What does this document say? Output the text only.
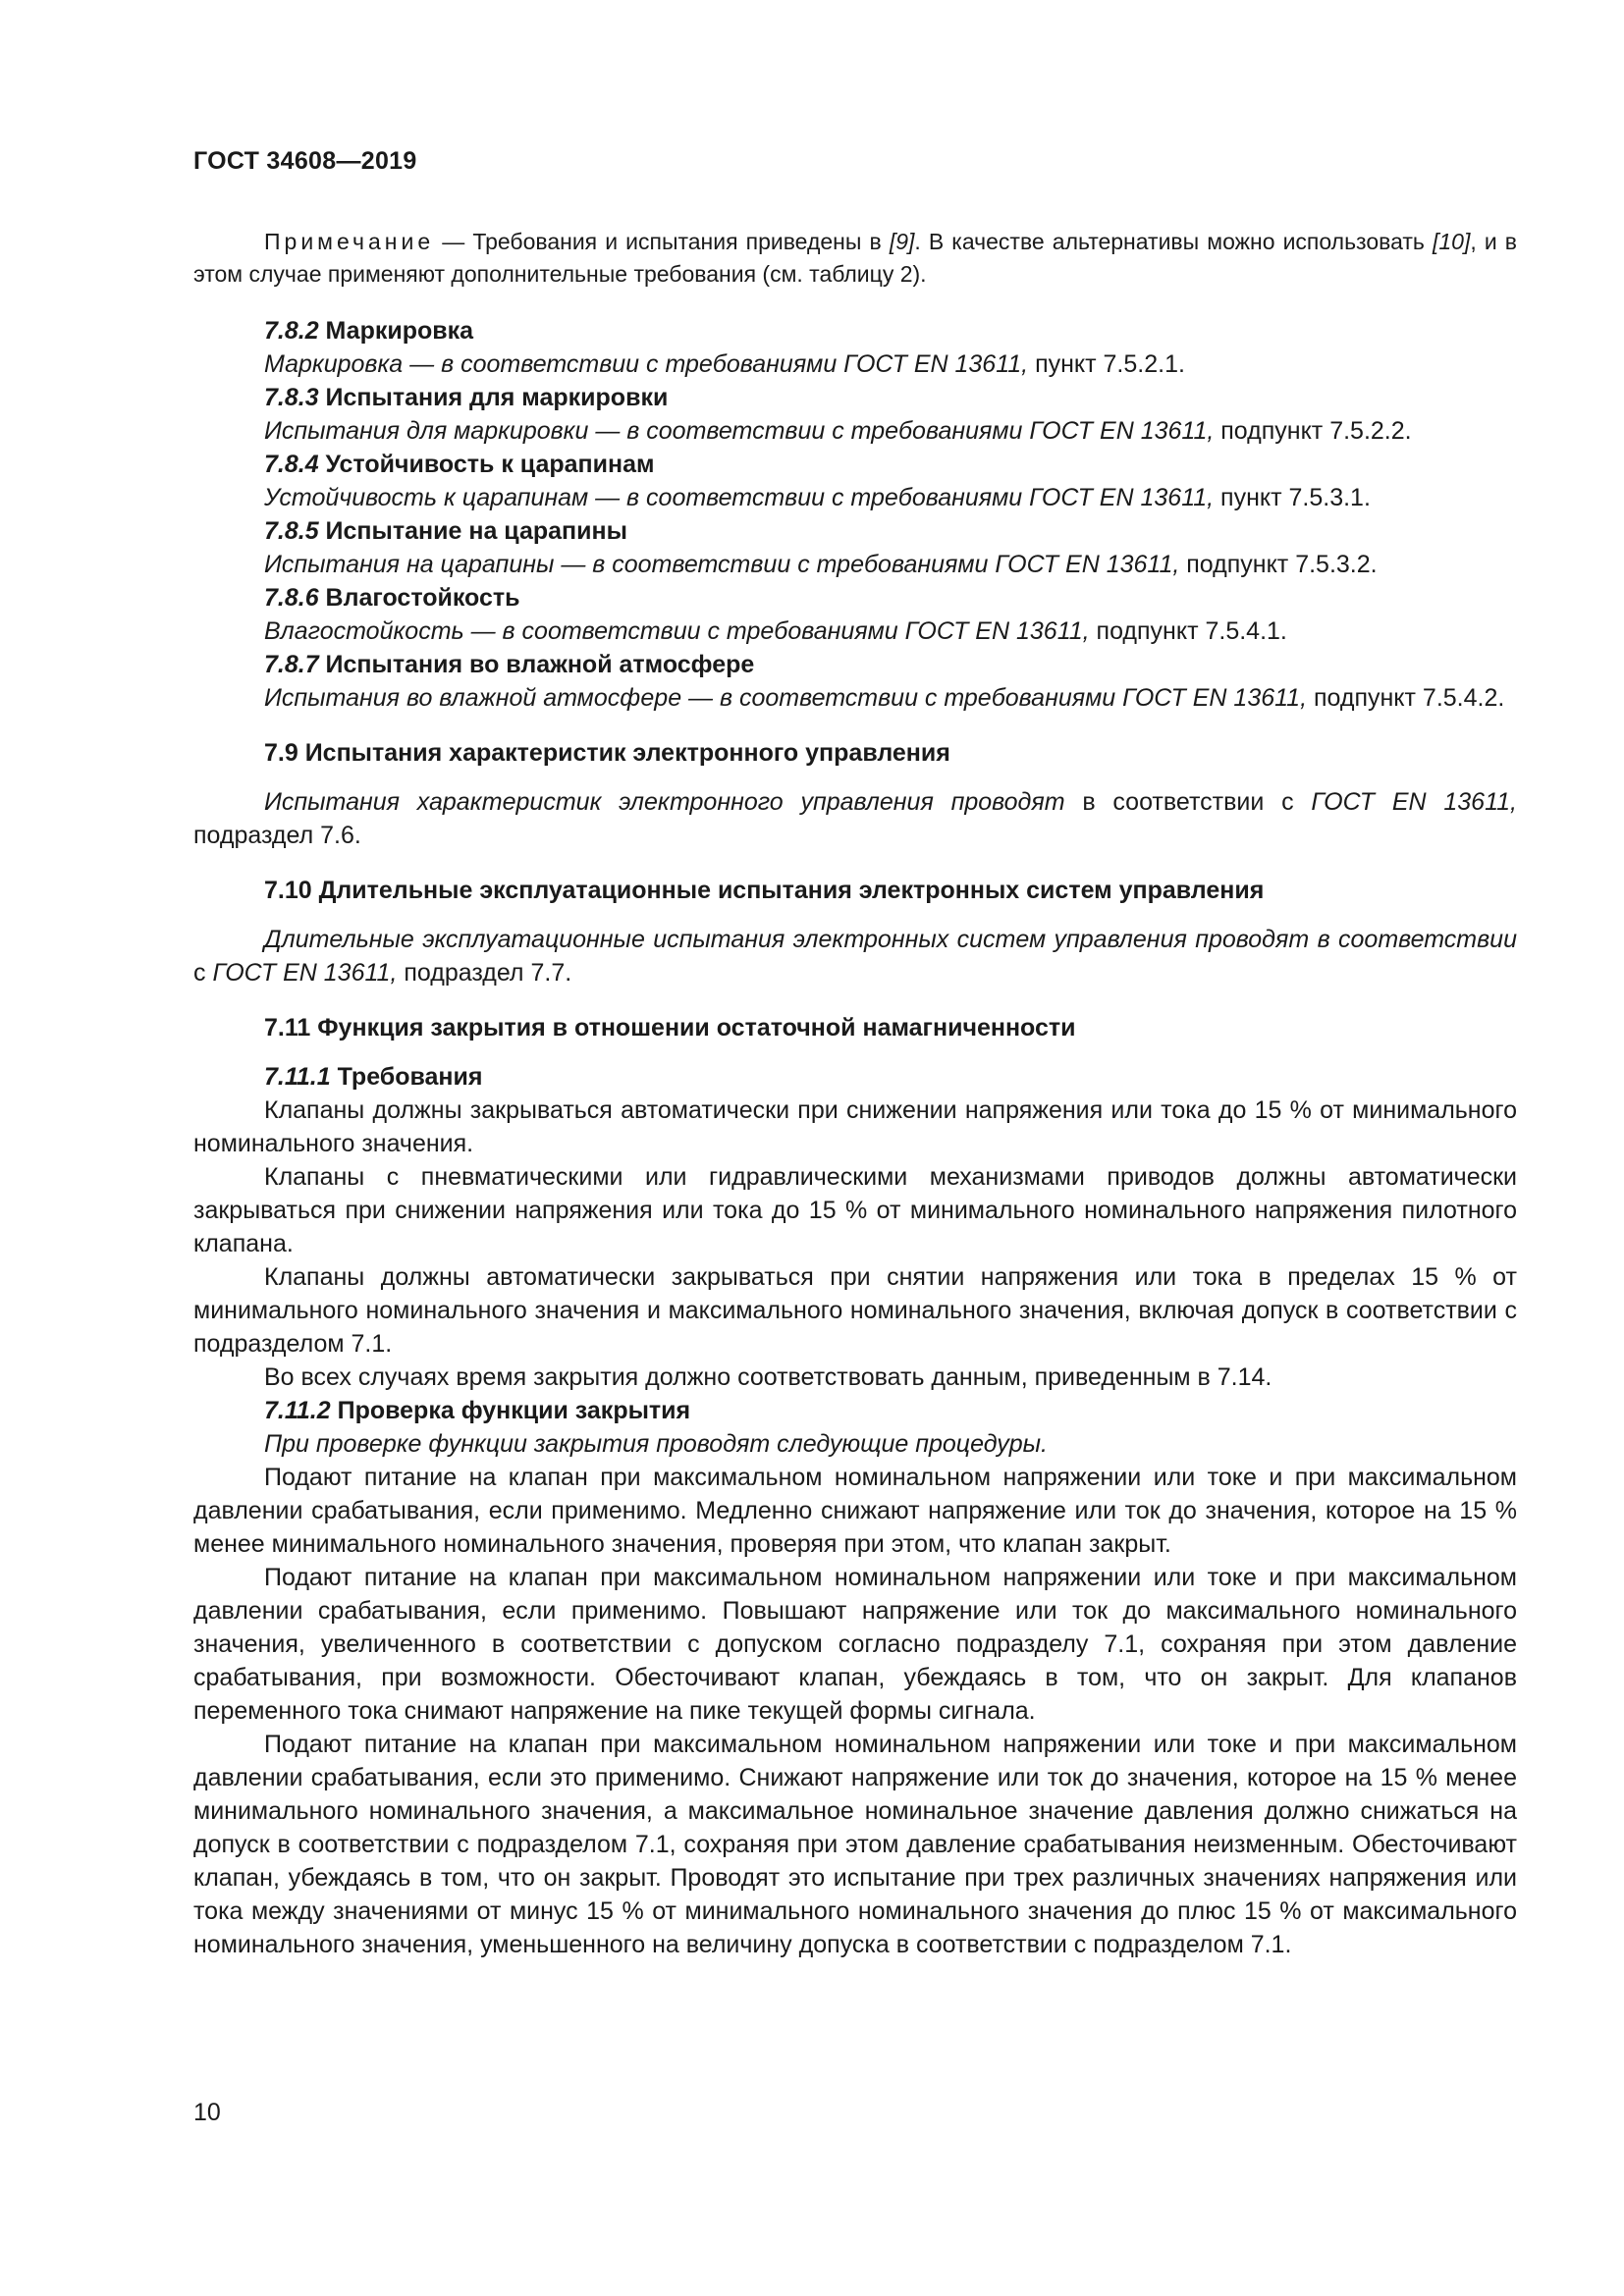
ГОСТ 34608—2019

Примечание — Требования и испытания приведены в [9]. В качестве альтернативы можно использовать [10], и в этом случае применяют дополнительные требования (см. таблицу 2).

7.8.2 Маркировка

Маркировка — в соответствии с требованиями ГОСТ EN 13611, пункт 7.5.2.1.

7.8.3 Испытания для маркировки

Испытания для маркировки — в соответствии с требованиями ГОСТ EN 13611, подпункт 7.5.2.2.

7.8.4 Устойчивость к царапинам

Устойчивость к царапинам — в соответствии с требованиями ГОСТ EN 13611, пункт 7.5.3.1.

7.8.5 Испытание на царапины

Испытания на царапины — в соответствии с требованиями ГОСТ EN 13611, подпункт 7.5.3.2.

7.8.6 Влагостойкость

Влагостойкость — в соответствии с требованиями ГОСТ EN 13611, подпункт 7.5.4.1.

7.8.7 Испытания во влажной атмосфере

Испытания во влажной атмосфере — в соответствии с требованиями ГОСТ EN 13611, подпункт 7.5.4.2.

7.9 Испытания характеристик электронного управления

Испытания характеристик электронного управления проводят в соответствии с ГОСТ EN 13611, подраздел 7.6.

7.10 Длительные эксплуатационные испытания электронных систем управления

Длительные эксплуатационные испытания электронных систем управления проводят в соответствии с ГОСТ EN 13611, подраздел 7.7.

7.11 Функция закрытия в отношении остаточной намагниченности

7.11.1 Требования

Клапаны должны закрываться автоматически при снижении напряжения или тока до 15 % от минимального номинального значения.

Клапаны с пневматическими или гидравлическими механизмами приводов должны автоматически закрываться при снижении напряжения или тока до 15 % от минимального номинального напряжения пилотного клапана.

Клапаны должны автоматически закрываться при снятии напряжения или тока в пределах 15 % от минимального номинального значения и максимального номинального значения, включая допуск в соответствии с подразделом 7.1.

Во всех случаях время закрытия должно соответствовать данным, приведенным в 7.14.

7.11.2 Проверка функции закрытия

При проверке функции закрытия проводят следующие процедуры.

Подают питание на клапан при максимальном номинальном напряжении или токе и при максимальном давлении срабатывания, если применимо. Медленно снижают напряжение или ток до значения, которое на 15 % менее минимального номинального значения, проверяя при этом, что клапан закрыт.

Подают питание на клапан при максимальном номинальном напряжении или токе и при максимальном давлении срабатывания, если применимо. Повышают напряжение или ток до максимального номинального значения, увеличенного в соответствии с допуском согласно подразделу 7.1, сохраняя при этом давление срабатывания, при возможности. Обесточивают клапан, убеждаясь в том, что он закрыт. Для клапанов переменного тока снимают напряжение на пике текущей формы сигнала.

Подают питание на клапан при максимальном номинальном напряжении или токе и при максимальном давлении срабатывания, если это применимо. Снижают напряжение или ток до значения, которое на 15 % менее минимального номинального значения, а максимальное номинальное значение давления должно снижаться на допуск в соответствии с подразделом 7.1, сохраняя при этом давление срабатывания неизменным. Обесточивают клапан, убеждаясь в том, что он закрыт. Проводят это испытание при трех различных значениях напряжения или тока между значениями от минус 15 % от минимального номинального значения до плюс 15 % от максимального номинального значения, уменьшенного на величину допуска в соответствии с подразделом 7.1.

10
